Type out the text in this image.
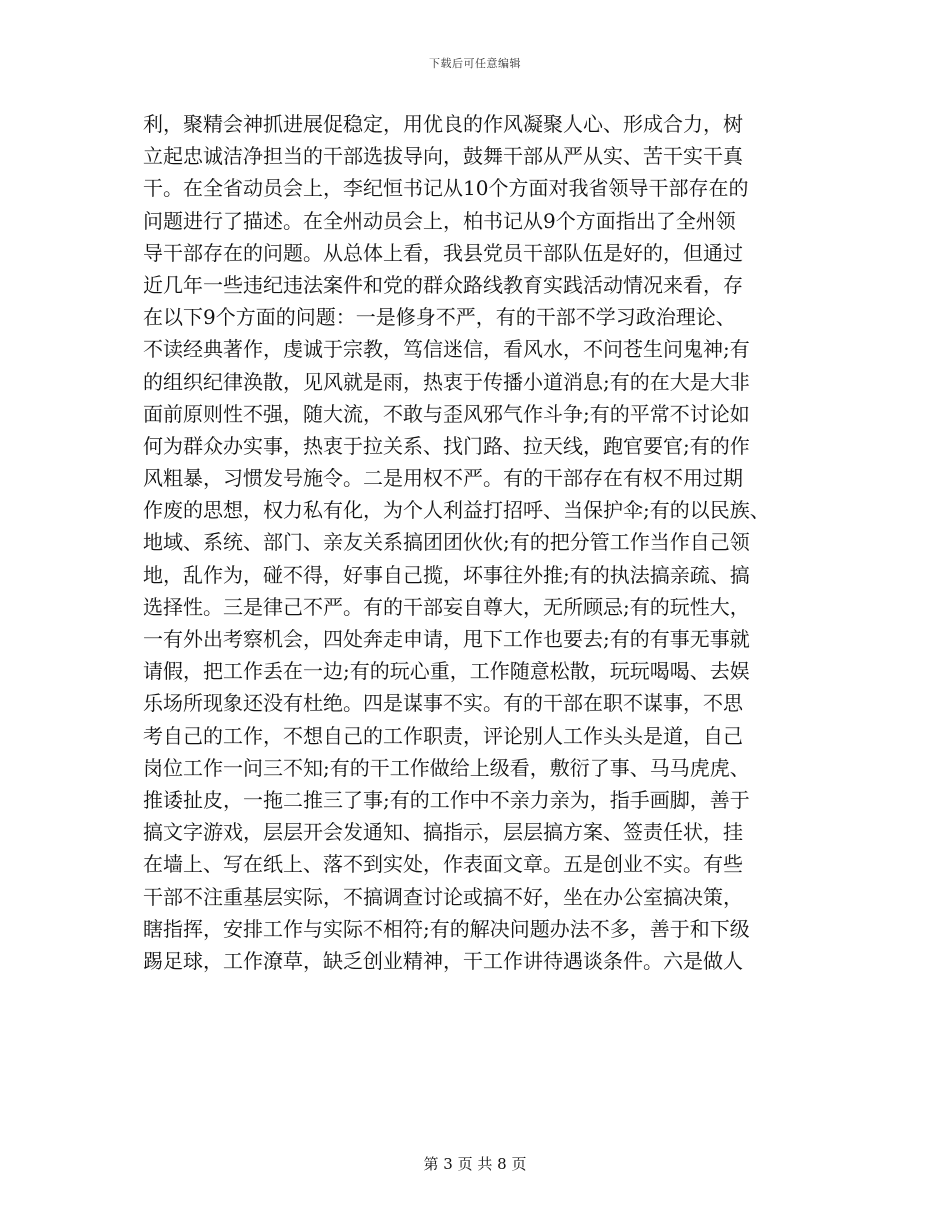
下载后可任意编辑
利，聚精会神抓进展促稳定，用优良的作风凝聚人心、形成合力，树
立起忠诚洁净担当的干部选拔导向，鼓舞干部从严从实、苦干实干真
干。在全省动员会上，李纪恒书记从10个方面对我省领导干部存在的
问题进行了描述。在全州动员会上，柏书记从9个方面指出了全州领
导干部存在的问题。从总体上看，我县党员干部队伍是好的，但通过
近几年一些违纪违法案件和党的群众路线教育实践活动情况来看，存
在以下9个方面的问题：一是修身不严，有的干部不学习政治理论、
不读经典著作，虔诚于宗教，笃信迷信，看风水，不问苍生问鬼神;有
的组织纪律涣散，见风就是雨，热衷于传播小道消息;有的在大是大非
面前原则性不强，随大流，不敢与歪风邪气作斗争;有的平常不讨论如
何为群众办实事，热衷于拉关系、找门路、拉天线，跑官要官;有的作
风粗暴，习惯发号施令。二是用权不严。有的干部存在有权不用过期
作废的思想，权力私有化，为个人利益打招呼、当保护伞;有的以民族、
地域、系统、部门、亲友关系搞团团伙伙;有的把分管工作当作自己领
地，乱作为，碰不得，好事自己揽，坏事往外推;有的执法搞亲疏、搞
选择性。三是律己不严。有的干部妄自尊大，无所顾忌;有的玩性大，
一有外出考察机会，四处奔走申请，甩下工作也要去;有的有事无事就
请假，把工作丢在一边;有的玩心重，工作随意松散，玩玩喝喝、去娱
乐场所现象还没有杜绝。四是谋事不实。有的干部在职不谋事，不思
考自己的工作，不想自己的工作职责，评论别人工作头头是道，自己
岗位工作一问三不知;有的干工作做给上级看，敷衍了事、马马虎虎、
推诿扯皮，一拖二推三了事;有的工作中不亲力亲为，指手画脚，善于
搞文字游戏，层层开会发通知、搞指示，层层搞方案、签责任状，挂
在墙上、写在纸上、落不到实处，作表面文章。五是创业不实。有些
干部不注重基层实际，不搞调查讨论或搞不好，坐在办公室搞决策，
瞎指挥，安排工作与实际不相符;有的解决问题办法不多，善于和下级
踢足球，工作潦草，缺乏创业精神，干工作讲待遇谈条件。六是做人
第 3 页 共 8 页
